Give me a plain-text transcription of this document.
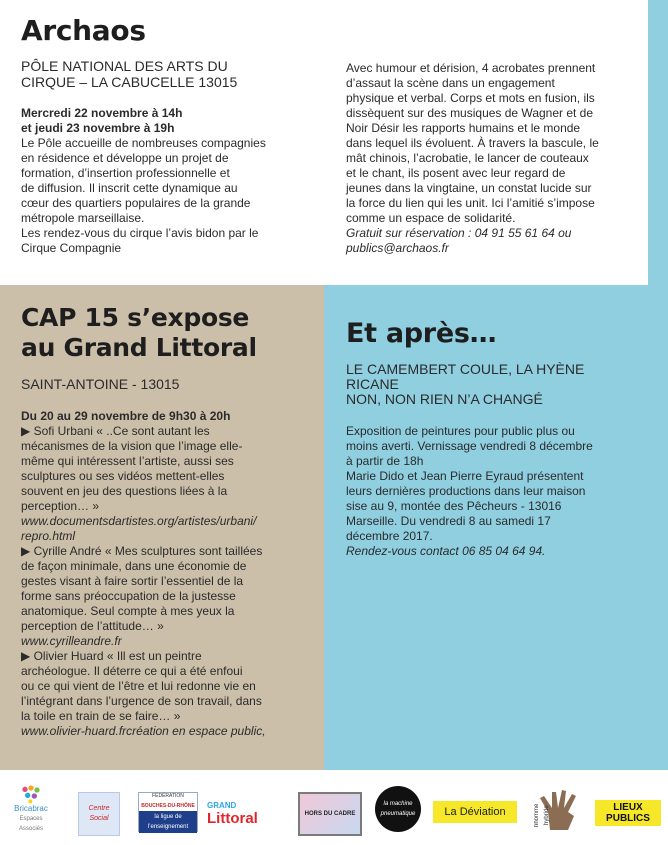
Archaos

PÔLE NATIONAL DES ARTS DU

CIRQUE – LA CABUCELLE 13015

Mercredi 22 novembre à 14h

et jeudi 23 novembre à 19h

Le Pôle accueille de nombreuses compagnies

en résidence et développe un projet de

formation, d’insertion professionnelle et

de diffusion. Il inscrit cette dynamique au

cœur des quartiers populaires de la grande

métropole marseillaise.

Les rendez-vous du cirque l’avis bidon par le

Cirque Compagnie

Avec humour et dérision, 4 acrobates prennent

d’assaut la scène dans un engagement

physique et verbal. Corps et mots en fusion, ils

dissèquent sur des musiques de Wagner et de

Noir Désir les rapports humains et le monde

dans lequel ils évoluent. À travers la bascule, le

mât chinois, l’acrobatie, le lancer de couteaux

et le chant, ils posent avec leur regard de

jeunes dans la vingtaine, un constat lucide sur

la force du lien qui les unit. Ici l’amitié s’impose

comme un espace de solidarité.

Gratuit sur réservation : 04 91 55 61 64 ou

publics@archaos.fr

CAP 15 s’expose
au Grand Littoral

SAINT-ANTOINE - 13015

Du 20 au 29 novembre de 9h30 à 20h

▶ Sofi Urbani « ..Ce sont autant les

mécanismes de la vision que l’image elle-

même qui intéressent l’artiste, aussi ses

sculptures ou ses vidéos mettent-elles

souvent en jeu des questions liées à la

perception… »

www.documentsdartistes.org/artistes/urbani/

repro.html

▶ Cyrille André « Mes sculptures sont taillées

de façon minimale, dans une économie de

gestes visant à faire sortir l’essentiel de la

forme sans préoccupation de la justesse

anatomique. Seul compte à mes yeux la

perception de l’attitude… »

www.cyrilleandre.fr

▶ Olivier Huard « Ill est un peintre

archéologue. Il déterre ce qui a été enfoui

ou ce qui vient de l’être et lui redonne vie en

l’intégrant dans l’urgence de son travail, dans

la toile en train de se faire… »

www.olivier-huard.frcréation en espace public,

Et après…

LE CAMEMBERT COULE, LA HYÈNE

RICANE

NON, NON RIEN N’A CHANGÉ

Exposition de peintures pour public plus ou

moins averti. Vernissage vendredi 8 décembre

à partir de 18h

Marie Dido et Jean Pierre Eyraud présentent

leurs dernières productions dans leur maison

sise au 9, montée des Pêcheurs - 13016

Marseille. Du vendredi 8 au samedi 17

décembre 2017.

Rendez-vous contact 06 85 04 64 94.

Bricabrac
Espaces Associés
Centre Social
FÉDÉRATION
BOUCHES-DU-RHÔNE
la ligue de l’enseignement
GRAND
Littoral	HORS DU CADRE
la machine pneumatique	La Déviation	hhomme hybride	LIEUX
PUBLICS
